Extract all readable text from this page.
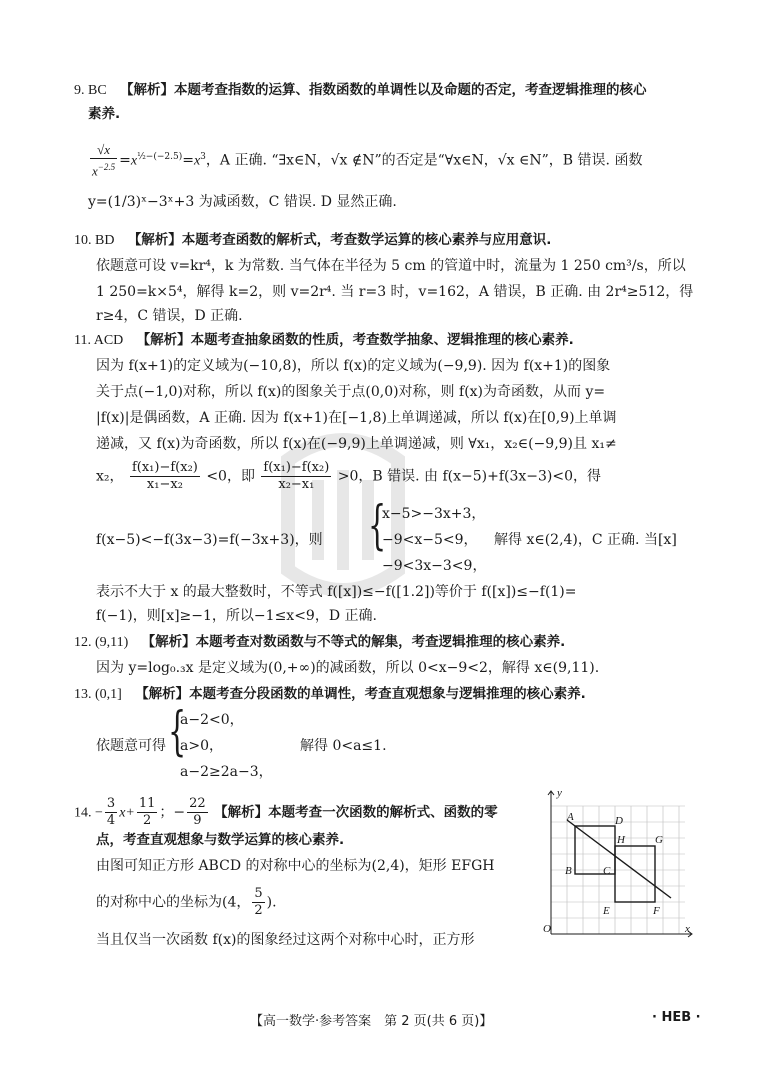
9. BC 【解析】本题考查指数的运算、指数函数的单调性以及命题的否定，考查逻辑推理的核心
素养.
$\frac{√x}{x^{-2.5}} =x^{\frac{1}{2}-(-2.5)}=x^3$，A 正确. “∃x∈N，√x ∉N”的否定是“∀x∈N，√x ∈N”，B 错误. 函数
y=(1/3)ˣ−3ˣ+3 为减函数，C 错误. D 显然正确.
10. BD 【解析】本题考查函数的解析式，考查数学运算的核心素养与应用意识.
依题意可设 v=kr⁴，k 为常数. 当气体在半径为 5 cm 的管道中时，流量为 1 250 cm³/s，所以
1 250=k×5⁴，解得 k=2，则 v=2r⁴. 当 r=3 时，v=162，A 错误，B 正确. 由 2r⁴≥512，得
r≥4，C 错误，D 正确.
11. ACD 【解析】本题考查抽象函数的性质，考查数学抽象、逻辑推理的核心素养.
因为 f(x+1)的定义域为(−10,8)，所以 f(x)的定义域为(−9,9). 因为 f(x+1)的图象
关于点(−1,0)对称，所以 f(x)的图象关于点(0,0)对称，则 f(x)为奇函数，从而 y=
|f(x)|是偶函数，A 正确. 因为 f(x+1)在[−1,8)上单调递减，所以 f(x)在[0,9)上单调
递减，又 f(x)为奇函数，所以 f(x)在(−9,9)上单调递减，则 ∀x₁，x₂∈(−9,9)且 x₁≠
x₂， $\frac{\text{f(x₁)−f(x₂)}}{\text{x₁−x₂}} <0$，即 $\frac{\text{f(x₁)−f(x₂)}}{\text{x₂−x₁}} >0$，B 错误. 由 f(x−5)+f(3x−3)<0，得
f(x−5)<−f(3x−3)=f(−3x+3)，则 {
x−5>−3x+3，
−9<x−5<9，
−9<3x−3<9，
解得 x∈(2,4)，C 正确. 当[x]
表示不大于 x 的最大整数时，不等式 f([x])≤−f([1.2])等价于 f([x])≤−f(1)=
f(−1)，则[x]≥−1，所以−1≤x<9，D 正确.
12. (9,11) 【解析】本题考查对数函数与不等式的解集，考查逻辑推理的核心素养.
因为 y=log₀.₃x 是定义域为(0,+∞)的减函数，所以 0<x−9<2，解得 x∈(9,11).
13. (0,1] 【解析】本题考查分段函数的单调性，考查直观想象与逻辑推理的核心素养.
依题意可得 {
a−2<0，
a>0，
a−2≥2a−3，
解得 0<a≤1.
14. − $\frac{3}{4} x+ \frac{11}{2}$ ；− $\frac{22}{9}$ 【解析】本题考查一次函数的解析式、函数的零
点，考查直观想象与数学运算的核心素养.
由图可知正方形 ABCD 的对称中心的坐标为(2,4)，矩形 EFGH
的对称中心的坐标为(4， $\frac{5}{2}$ ).
当且仅当一次函数 f(x)的图象经过这两个对称中心时，正方形
y
x
O
A
B	C
D
E	F
G
H
【高一数学·参考答案　第 2 页(共 6 页)】	· HEB ·
